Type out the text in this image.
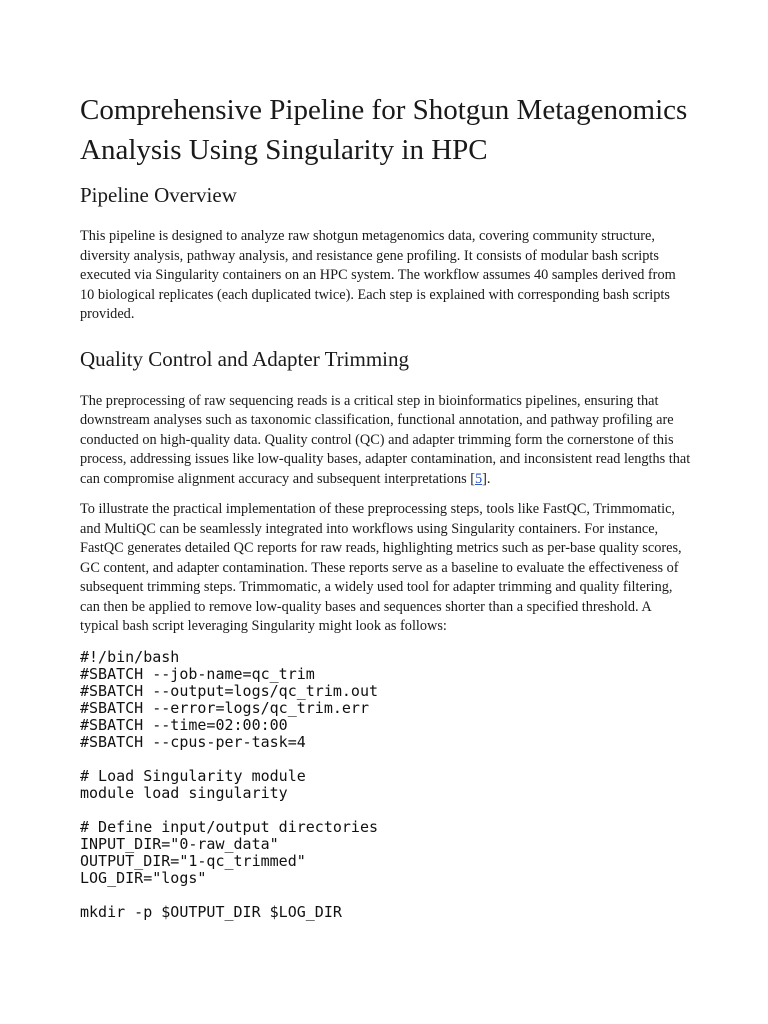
Comprehensive Pipeline for Shotgun Metagenomics Analysis Using Singularity in HPC
Pipeline Overview

This pipeline is designed to analyze raw shotgun metagenomics data, covering community structure, diversity analysis, pathway analysis, and resistance gene profiling. It consists of modular bash scripts executed via Singularity containers on an HPC system. The workflow assumes 40 samples derived from 10 biological replicates (each duplicated twice). Each step is explained with corresponding bash scripts provided.

Quality Control and Adapter Trimming

The preprocessing of raw sequencing reads is a critical step in bioinformatics pipelines, ensuring that downstream analyses such as taxonomic classification, functional annotation, and pathway profiling are conducted on high-quality data. Quality control (QC) and adapter trimming form the cornerstone of this process, addressing issues like low-quality bases, adapter contamination, and inconsistent read lengths that can compromise alignment accuracy and subsequent interpretations [5].

To illustrate the practical implementation of these preprocessing steps, tools like FastQC, Trimmomatic, and MultiQC can be seamlessly integrated into workflows using Singularity containers. For instance, FastQC generates detailed QC reports for raw reads, highlighting metrics such as per-base quality scores, GC content, and adapter contamination. These reports serve as a baseline to evaluate the effectiveness of subsequent trimming steps. Trimmomatic, a widely used tool for adapter trimming and quality filtering, can then be applied to remove low-quality bases and sequences shorter than a specified threshold. A typical bash script leveraging Singularity might look as follows:

#!/bin/bash
#SBATCH --job-name=qc_trim
#SBATCH --output=logs/qc_trim.out
#SBATCH --error=logs/qc_trim.err
#SBATCH --time=02:00:00
#SBATCH --cpus-per-task=4

# Load Singularity module
module load singularity

# Define input/output directories
INPUT_DIR="0-raw_data"
OUTPUT_DIR="1-qc_trimmed"
LOG_DIR="logs"

mkdir -p $OUTPUT_DIR $LOG_DIR
